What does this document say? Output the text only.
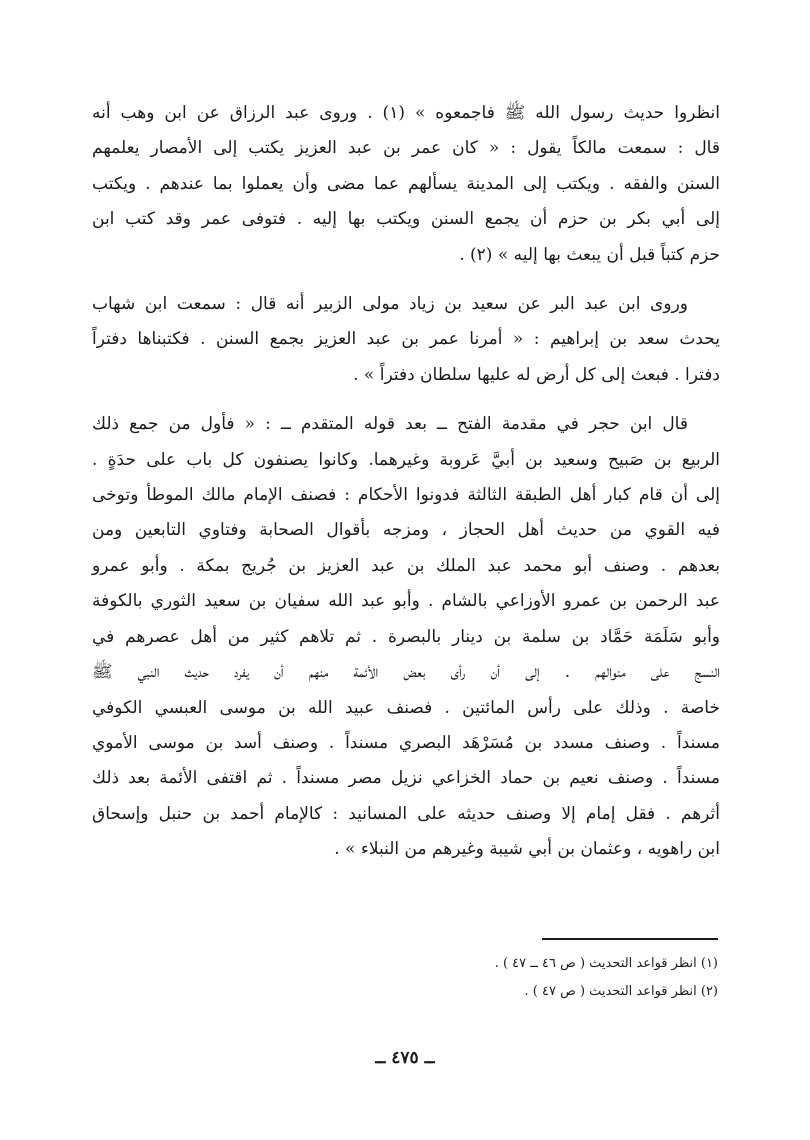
انظروا حديث رسول الله ﷺ فاجمعوه » (١) . وروى عبد الرزاق عن ابن وهب أنه
قال : سمعت مالكاً يقول : « كان عمر بن عبد العزيز يكتب إلى الأمصار يعلمهم
السنن والفقه . ويكتب إلى المدينة يسألهم عما مضى وأن يعملوا بما عندهم . ويكتب
إلى أبي بكر بن حزم أن يجمع السنن ويكتب بها إليه . فتوفى عمر وقد كتب ابن
حزم كتباً قبل أن يبعث بها إليه » (٢) .

وروى ابن عبد البر عن سعيد بن زياد مولى الزبير أنه قال : سمعت ابن شهاب
يحدث سعد بن إبراهيم : « أمرنا عمر بن عبد العزيز بجمع السنن . فكتبناها دفتراً
دفترا . فبعث إلى كل أرض له عليها سلطان دفتراً » .

قال ابن حجر في مقدمة الفتح ــ بعد قوله المتقدم ــ : « فأول من جمع ذلك
الربيع بن صَبيح وسعيد بن أبيَّ عَروبة وغيرهما. وكانوا يصنفون كل باب على حدَةٍ .
إلى أن قام كبار أهل الطبقة الثالثة فدونوا الأحكام : فصنف الإمام مالك الموطأ وتوخى
فيه القوي من حديث أهل الحجاز ، ومزجه بأقوال الصحابة وفتاوي التابعين ومن
بعدهم . وصنف أبو محمد عبد الملك بن عبد العزيز بن جُريج بمكة . وأبو عمرو
عبد الرحمن بن عمرو الأوزاعي بالشام . وأبو عبد الله سفيان بن سعيد الثوري بالكوفة
وأبو سَلَمَة حَمَّاد بن سلمة بن دينار بالبصرة . ثم تلاهم كثير من أهل عصرهم في
النسج على منوالهم . إلى أن رأى بعض الأئمة منهم أن يفرد حديث النبي ﷺ
خاصة . وذلك على رأس المائتين . فصنف عبيد الله بن موسى العبسي الكوفي
مسنداً . وصنف مسدد بن مُسَرْهَد البصري مسنداً . وصنف أسد بن موسى الأموي
مسنداً . وصنف نعيم بن حماد الخزاعي نزيل مصر مسنداً . ثم اقتفى الأئمة بعد ذلك
أثرهم . فقل إمام إلا وصنف حديثه على المسانيد : كالإمام أحمد بن حنبل وإسحاق
ابن راهويه ، وعثمان بن أبي شيبة وغيرهم من النبلاء » .

(١) انظر قواعد التحديث ( ص ٤٦ ــ ٤٧ ) .
(٢) انظر قواعد التحديث ( ص ٤٧ ) .
ــ ٤٧٥ ــ
